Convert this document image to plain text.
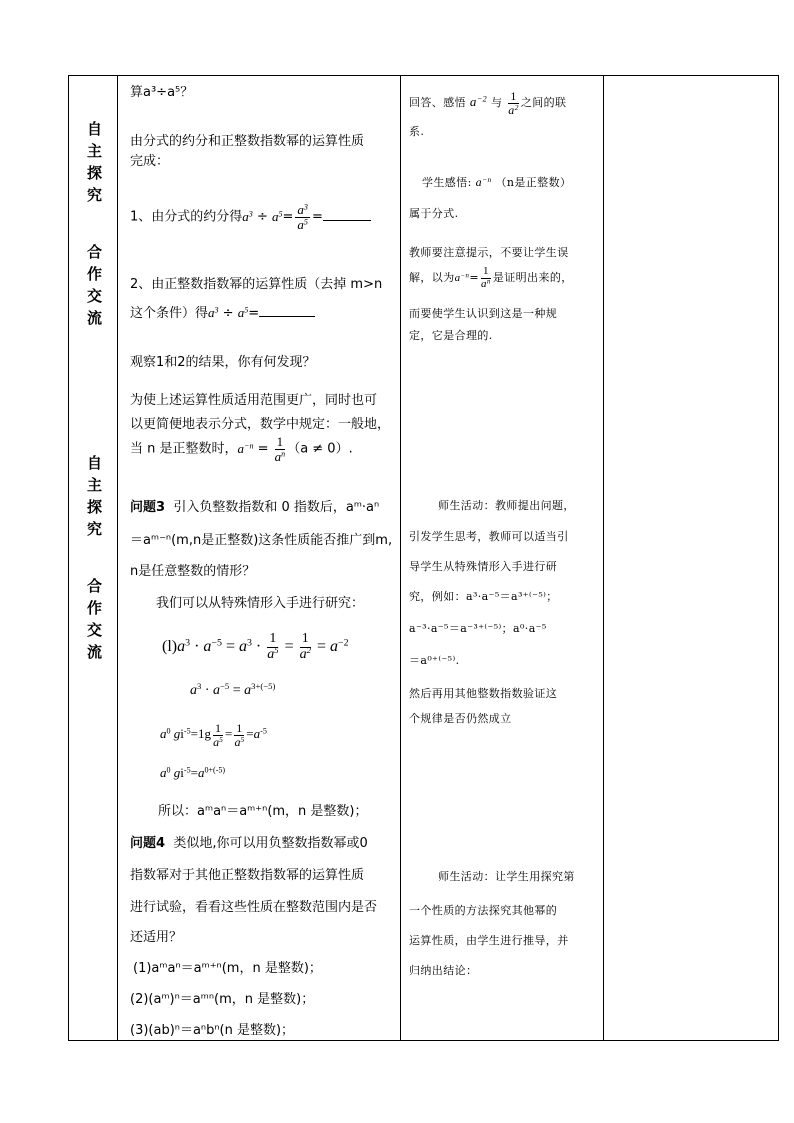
自
主
探
究
合
作
交
流
自
主
探
究
合
作
交
流
算a³÷a⁵？
由分式的约分和正整数指数幂的运算性质
完成：
1、由分式的约分得$a^3 \div a^5= \frac{a^3}{a^5}$ =
2、由正整数指数幂的运算性质（去掉 m>n
这个条件）得$a^3 \div a^5=$
观察1和2的结果，你有何发现？
为使上述运算性质适用范围更广，同时也可
以更简便地表示分式，数学中规定：一般地，
当 n 是正整数时，$a^{-n} = \frac{1}{a^n} (a \ne 0)$.
问题3 引入负整数指数和 0 指数后，aᵐ·aⁿ
＝aᵐ⁻ⁿ(m,n是正整数)这条性质能否推广到m,
n是任意整数的情形？
我们可以从特殊情形入手进行研究：
$(l)a^3 \cdot a^{-5} = a^3 \cdot \frac{1}{a^5} = \frac{1}{a^2} = a^{-2}$
$a^3 \cdot a^{-5} = a^{3+(-5)}$
$a^0$ $gi^{-5}=1g \frac{1}{a^5} = \frac{1}{a^5} =a^{-5}$
$a^0$ $gi^{-5}=a^{0+(-5)}$
所以：aᵐaⁿ＝aᵐ⁺ⁿ(m，n 是整数)；
问题4 类似地,你可以用负整数指数幂或0
指数幂对于其他正整数指数幂的运算性质
进行试验，看看这些性质在整数范围内是否
还适用？
(1)aᵐaⁿ＝aᵐ⁺ⁿ(m，n 是整数)；
(2)(aᵐ)ⁿ＝aᵐⁿ(m，n 是整数)；
(3)(ab)ⁿ＝aⁿbⁿ(n 是整数)；
回答、感悟 $a^{-2}$ 与 $\frac{1}{a^2}$ 之间的联
系.
学生感悟: $a^{-n}$ （n是正整数）
属于分式.
教师要注意提示，不要让学生误
解，以为$a^{-n}= \frac{1}{a^n}$ 是证明出来的，
而要使学生认识到这是一种规
定，它是合理的.
师生活动：教师提出问题，
引发学生思考，教师可以适当引
导学生从特殊情形入手进行研
究，例如：a³·a⁻⁵＝a³⁺⁽⁻⁵⁾；
a⁻³·a⁻⁵＝a⁻³⁺⁽⁻⁵⁾；a⁰·a⁻⁵
＝a⁰⁺⁽⁻⁵⁾.
然后再用其他整数指数验证这
个规律是否仍然成立
师生活动：让学生用探究第
一个性质的方法探究其他幂的
运算性质，由学生进行推导，并
归纳出结论：
